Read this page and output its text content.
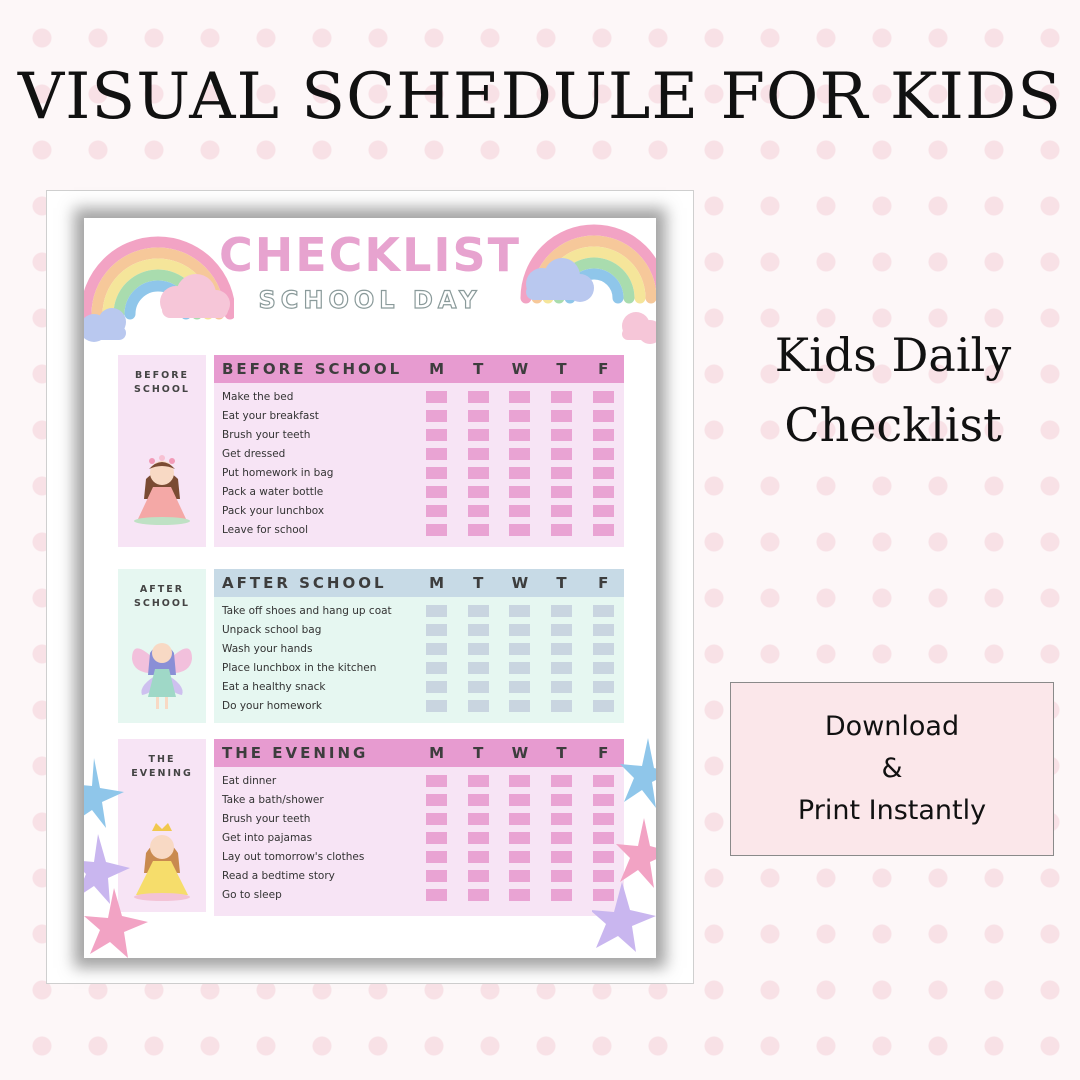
VISUAL SCHEDULE FOR KIDS
CHECKLIST
SCHOOL DAY
BEFORE
SCHOOL
BEFORE SCHOOL	M	T	W	T	F
Make the bed
Eat your breakfast
Brush your teeth
Get dressed
Put homework in bag
Pack a water bottle
Pack your lunchbox
Leave for school
AFTER
SCHOOL
AFTER SCHOOL	M	T	W	T	F
Take off shoes and hang up coat
Unpack school bag
Wash your hands
Place lunchbox in the kitchen
Eat a healthy snack
Do your homework
THE
EVENING
THE EVENING	M	T	W	T	F
Eat dinner
Take a bath/shower
Brush your teeth
Get into pajamas
Lay out tomorrow's clothes
Read a bedtime story
Go to sleep
Kids Daily
Checklist
Download
&
Print Instantly
